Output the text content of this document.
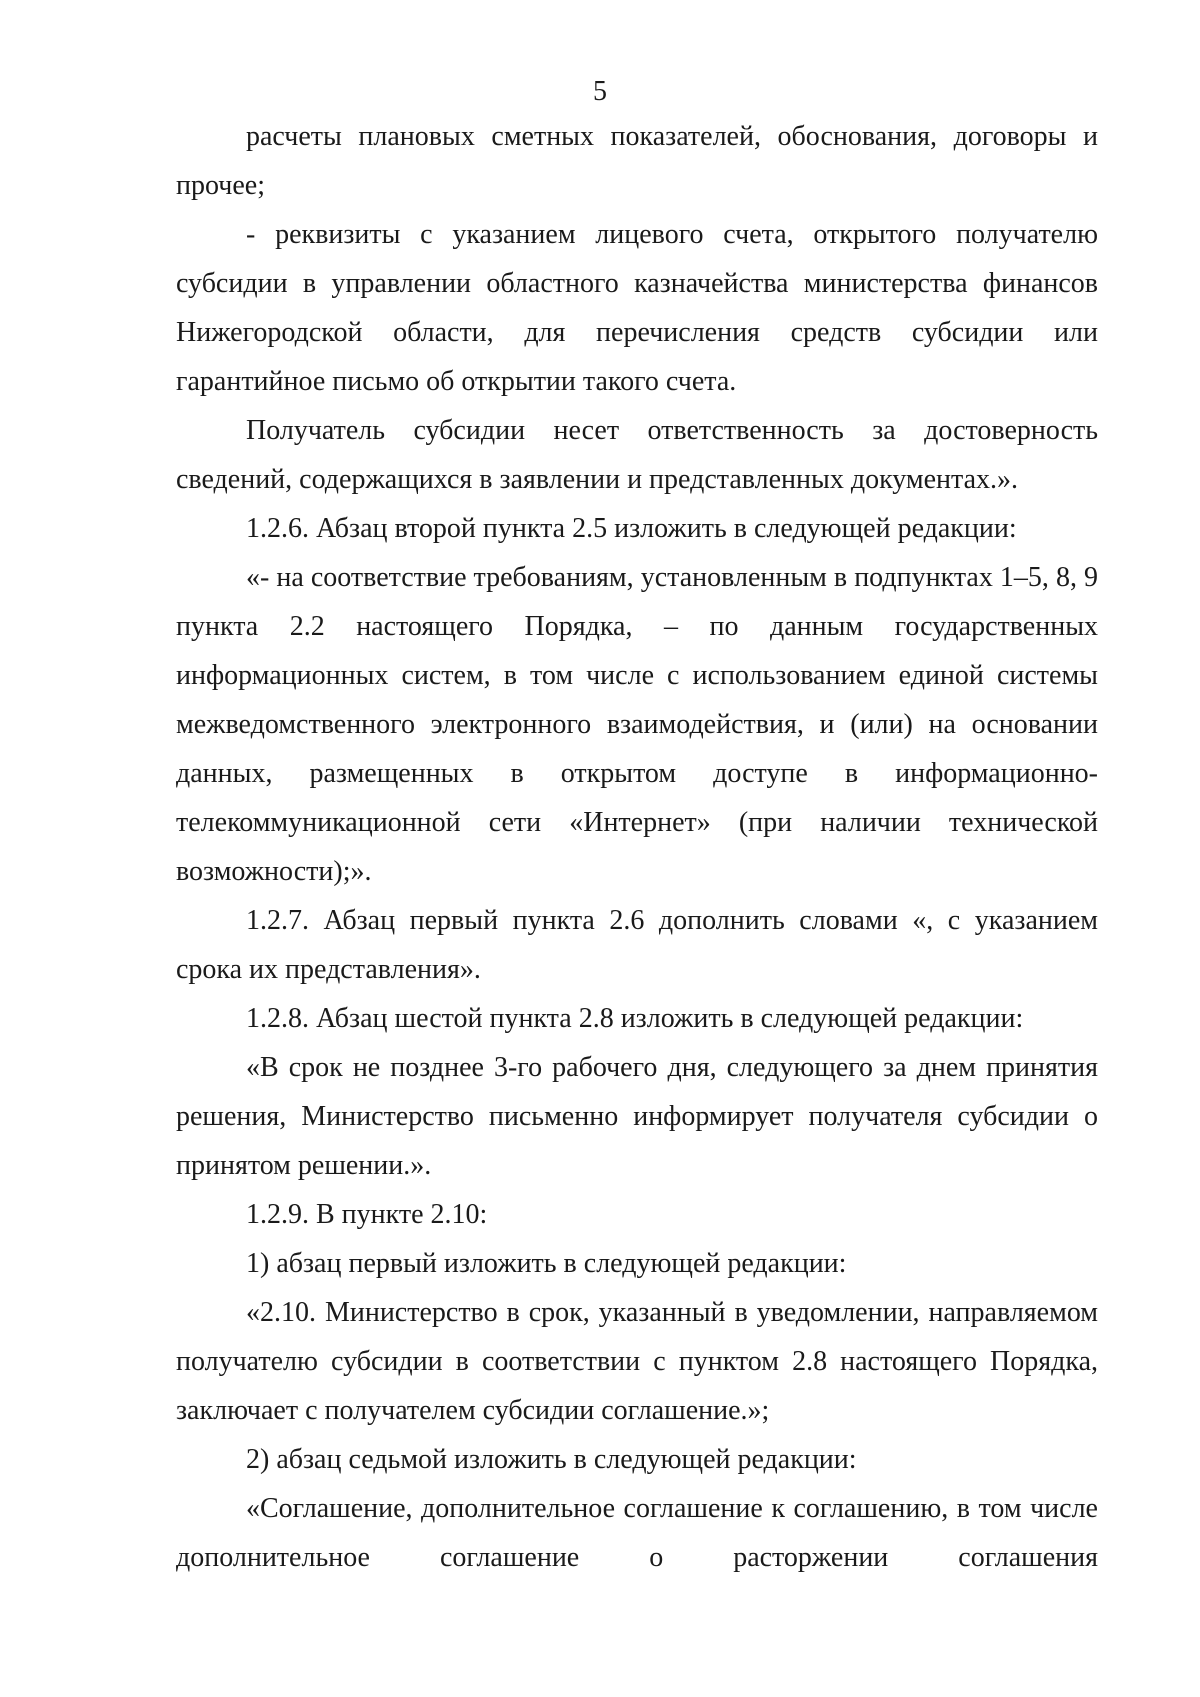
5

расчеты плановых сметных показателей, обоснования, договоры и прочее;

- реквизиты с указанием лицевого счета, открытого получателю субсидии в управлении областного казначейства министерства финансов Нижегородской области, для перечисления средств субсидии или гарантийное письмо об открытии такого счета.

Получатель субсидии несет ответственность за достоверность сведений, содержащихся в заявлении и представленных документах.».

1.2.6. Абзац второй пункта 2.5 изложить в следующей редакции:

«- на соответствие требованиям, установленным в подпунктах 1–5, 8, 9 пункта 2.2 настоящего Порядка, – по данным государственных информационных систем, в том числе с использованием единой системы межведомственного электронного взаимодействия, и (или) на основании данных, размещенных в открытом доступе в информационно-телекоммуникационной сети «Интернет» (при наличии технической возможности);».

1.2.7. Абзац первый пункта 2.6 дополнить словами «, с указанием срока их представления».

1.2.8. Абзац шестой пункта 2.8 изложить в следующей редакции:

«В срок не позднее 3-го рабочего дня, следующего за днем принятия решения, Министерство письменно информирует получателя субсидии о принятом решении.».

1.2.9. В пункте 2.10:

1) абзац первый изложить в следующей редакции:

«2.10. Министерство в срок, указанный в уведомлении, направляемом получателю субсидии в соответствии с пунктом 2.8 настоящего Порядка, заключает с получателем субсидии соглашение.»;

2) абзац седьмой изложить в следующей редакции:

«Соглашение, дополнительное соглашение к соглашению, в том числе дополнительное соглашение о расторжении соглашения
